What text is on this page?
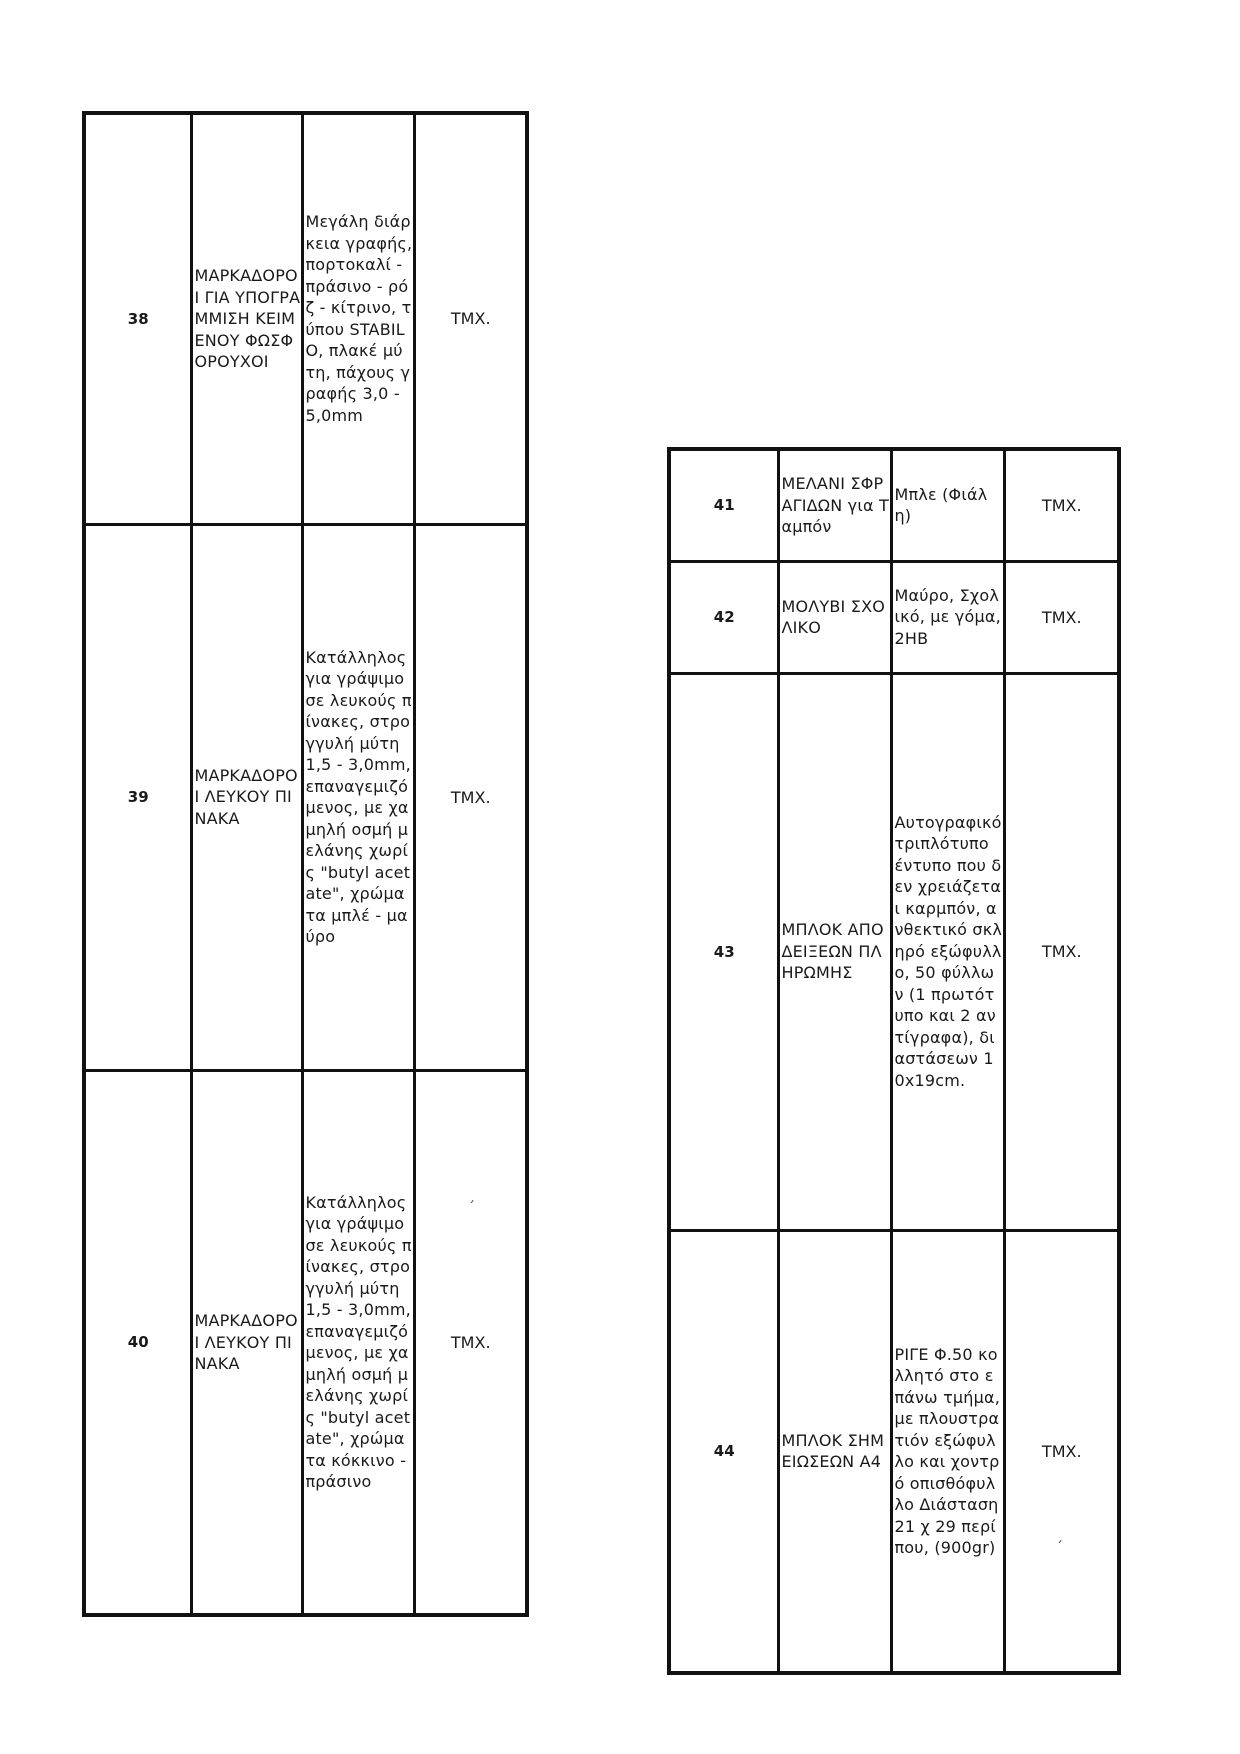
38	ΜΑΡΚΑΔΟΡΟΙ ΓΙΑ ΥΠΟΓΡΑΜΜΙΣΗ ΚΕΙΜΕΝΟΥ ΦΩΣΦΟΡΟΥΧΟΙ	Μεγάλη διάρκεια γραφής, πορτοκαλί - πράσινο - ρόζ - κίτρινο, τύπου STABILO, πλακέ μύτη, πάχους γραφής 3,0 - 5,0mm	ΤΜΧ.
39	ΜΑΡΚΑΔΟΡΟΙ ΛΕΥΚΟΥ ΠΙΝΑΚΑ	Κατάλληλος για γράψιμο σε λευκούς πίνακες, στρογγυλή μύτη 1,5 - 3,0mm, επαναγεμιζόμενος, με χαμηλή οσμή μελάνης χωρίς "butyl acetate", χρώματα μπλέ - μαύρο	ΤΜΧ.
40	ΜΑΡΚΑΔΟΡΟΙ ΛΕΥΚΟΥ ΠΙΝΑΚΑ	Κατάλληλος για γράψιμο σε λευκούς πίνακες, στρογγυλή μύτη 1,5 - 3,0mm, επαναγεμιζόμενος, με χαμηλή οσμή μελάνης χωρίς "butyl acetate", χρώματα κόκκινο - πράσινο	ΤΜΧ.
41	ΜΕΛΑΝΙ ΣΦΡΑΓΙΔΩΝ για Ταμπόν	Μπλε (Φιάλη)	ΤΜΧ.
42	ΜΟΛΥΒΙ ΣΧΟΛΙΚΟ	Μαύρο, Σχολικό, με γόμα, 2ΗΒ	ΤΜΧ.
43	ΜΠΛΟΚ ΑΠΟΔΕΙΞΕΩΝ ΠΛΗΡΩΜΗΣ	Αυτογραφικό τριπλότυπο έντυπο που δεν χρειάζεται καρμπόν, ανθεκτικό σκληρό εξώφυλλο, 50 φύλλων (1 πρωτότυπο και 2 αντίγραφα), διαστάσεων 10x19cm.	ΤΜΧ.
44	ΜΠΛΟΚ ΣΗΜΕΙΩΣΕΩΝ Α4	ΡΙΓΕ Φ.50 κολλητό στο επάνω τμήμα, με πλουστρατιόν εξώφυλλο και χοντρό οπισθόφυλλο Διάσταση 21 χ 29 περίπου, (900gr)	ΤΜΧ.
ˊ
ˊ
